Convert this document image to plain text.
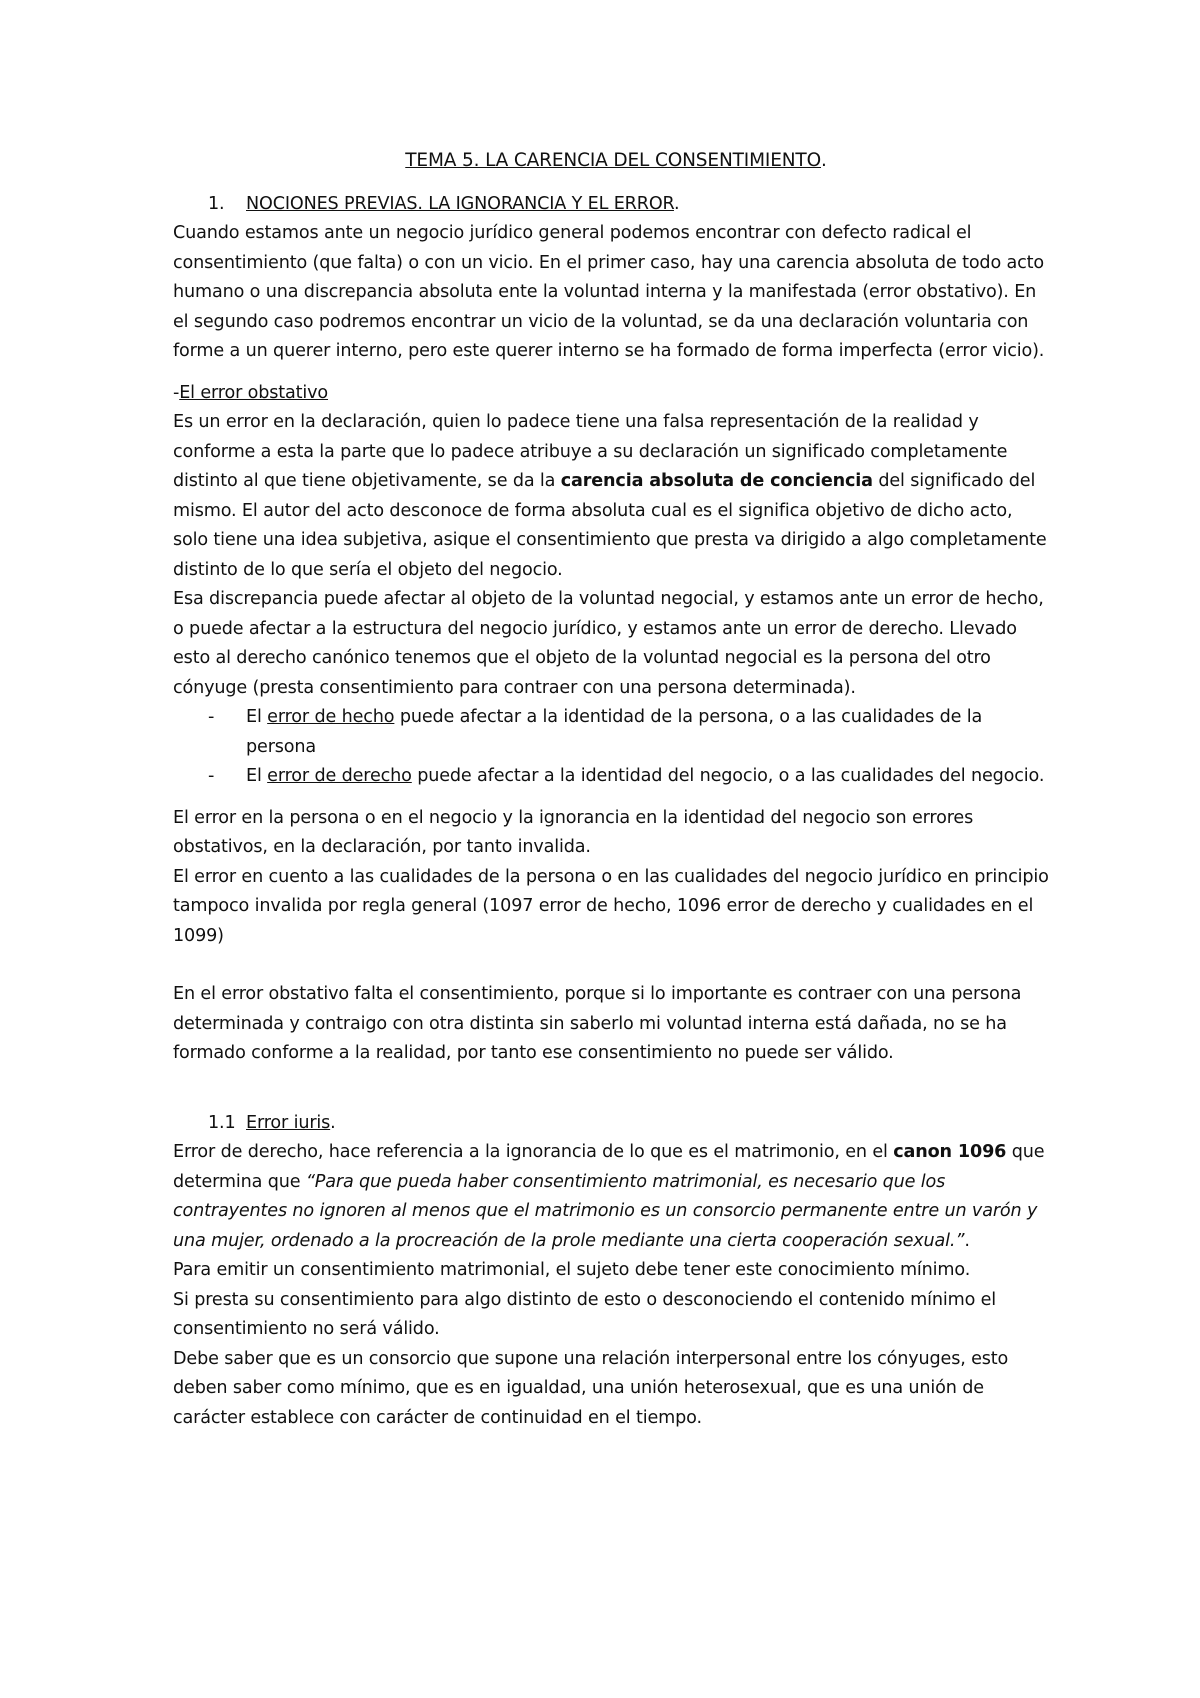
TEMA 5. LA CARENCIA DEL CONSENTIMIENTO.
1. NOCIONES PREVIAS. LA IGNORANCIA Y EL ERROR.

Cuando estamos ante un negocio jurídico general podemos encontrar con defecto radical el consentimiento (que falta) o con un vicio. En el primer caso, hay una carencia absoluta de todo acto humano o una discrepancia absoluta ente la voluntad interna y la manifestada (error obstativo). En el segundo caso podremos encontrar un vicio de la voluntad, se da una declaración voluntaria con forme a un querer interno, pero este querer interno se ha formado de forma imperfecta (error vicio).

-El error obstativo

Es un error en la declaración, quien lo padece tiene una falsa representación de la realidad y conforme a esta la parte que lo padece atribuye a su declaración un significado completamente distinto al que tiene objetivamente, se da la carencia absoluta de conciencia del significado del mismo. El autor del acto desconoce de forma absoluta cual es el significa objetivo de dicho acto, solo tiene una idea subjetiva, asique el consentimiento que presta va dirigido a algo completamente distinto de lo que sería el objeto del negocio.

Esa discrepancia puede afectar al objeto de la voluntad negocial, y estamos ante un error de hecho, o puede afectar a la estructura del negocio jurídico, y estamos ante un error de derecho. Llevado esto al derecho canónico tenemos que el objeto de la voluntad negocial es la persona del otro cónyuge (presta consentimiento para contraer con una persona determinada).

- El error de hecho puede afectar a la identidad de la persona, o a las cualidades de la persona
- El error de derecho puede afectar a la identidad del negocio, o a las cualidades del negocio.

El error en la persona o en el negocio y la ignorancia en la identidad del negocio son errores obstativos, en la declaración, por tanto invalida.

El error en cuento a las cualidades de la persona o en las cualidades del negocio jurídico en principio tampoco invalida por regla general (1097 error de hecho, 1096 error de derecho y cualidades en el 1099)

En el error obstativo falta el consentimiento, porque si lo importante es contraer con una persona determinada y contraigo con otra distinta sin saberlo mi voluntad interna está dañada, no se ha formado conforme a la realidad, por tanto ese consentimiento no puede ser válido.

1.1 Error iuris.

Error de derecho, hace referencia a la ignorancia de lo que es el matrimonio, en el canon 1096 que determina que “Para que pueda haber consentimiento matrimonial, es necesario que los contrayentes no ignoren al menos que el matrimonio es un consorcio permanente entre un varón y una mujer, ordenado a la procreación de la prole mediante una cierta cooperación sexual.”.

Para emitir un consentimiento matrimonial, el sujeto debe tener este conocimiento mínimo.

Si presta su consentimiento para algo distinto de esto o desconociendo el contenido mínimo el consentimiento no será válido.

Debe saber que es un consorcio que supone una relación interpersonal entre los cónyuges, esto deben saber como mínimo, que es en igualdad, una unión heterosexual, que es una unión de carácter establece con carácter de continuidad en el tiempo.
